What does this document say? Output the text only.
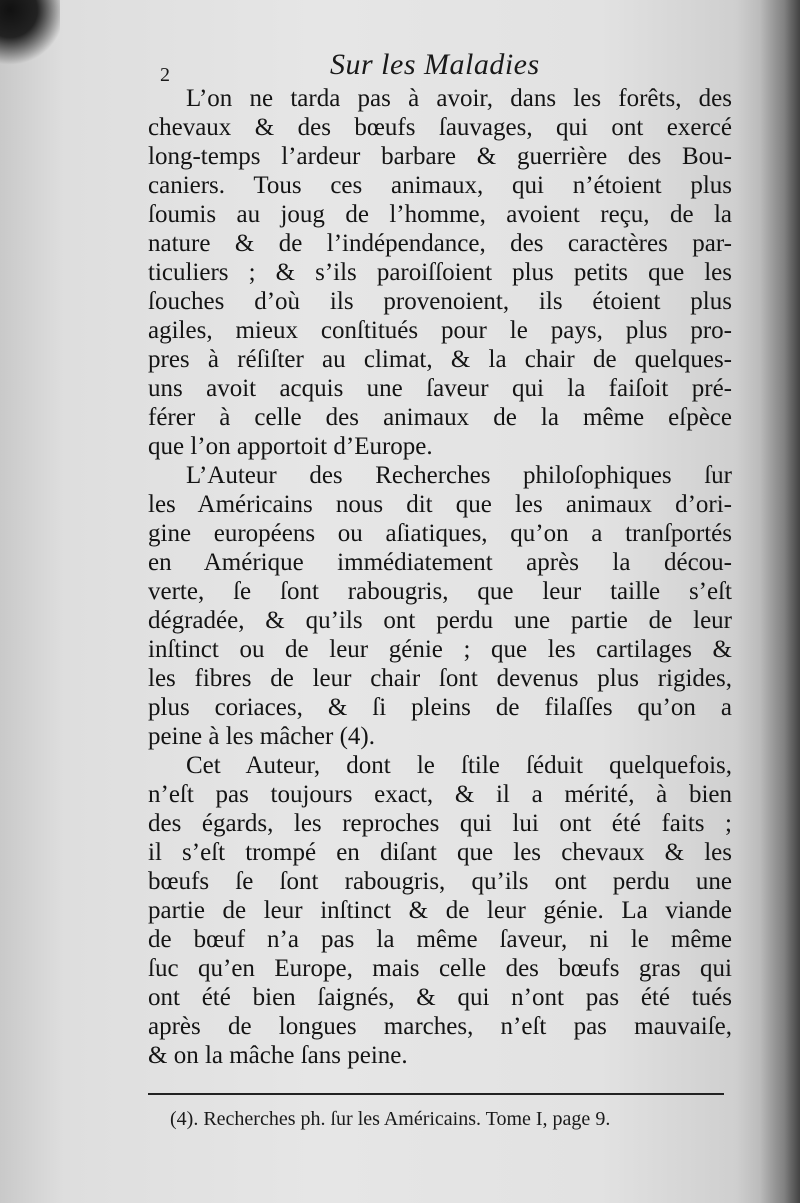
2	Sur les Maladies
L’on ne tarda pas à avoir, dans les forêts, des
chevaux & des bœufs ſauvages, qui ont exercé
long-temps l’ardeur barbare & guerrière des Bou-
caniers. Tous ces animaux, qui n’étoient plus
ſoumis au joug de l’homme, avoient reçu, de la
nature & de l’indépendance, des caractères par-
ticuliers ; & s’ils paroiſſoient plus petits que les
ſouches d’où ils provenoient, ils étoient plus
agiles, mieux conſtitués pour le pays, plus pro-
pres à réſiſter au climat, & la chair de quelques-
uns avoit acquis une ſaveur qui la faiſoit pré-
férer à celle des animaux de la même eſpèce
que l’on apportoit d’Europe.
L’Auteur des Recherches philoſophiques ſur
les Américains nous dit que les animaux d’ori-
gine européens ou aſiatiques, qu’on a tranſportés
en Amérique immédiatement après la décou-
verte, ſe ſont rabougris, que leur taille s’eſt
dégradée, & qu’ils ont perdu une partie de leur
inſtinct ou de leur génie ; que les cartilages &
les fibres de leur chair ſont devenus plus rigides,
plus coriaces, & ſi pleins de filaſſes qu’on a
peine à les mâcher (4).
Cet Auteur, dont le ſtile ſéduit quelquefois,
n’eſt pas toujours exact, & il a mérité, à bien
des égards, les reproches qui lui ont été faits ;
il s’eſt trompé en diſant que les chevaux & les
bœufs ſe ſont rabougris, qu’ils ont perdu une
partie de leur inſtinct & de leur génie. La viande
de bœuf n’a pas la même ſaveur, ni le même
ſuc qu’en Europe, mais celle des bœufs gras qui
ont été bien ſaignés, & qui n’ont pas été tués
après de longues marches, n’eſt pas mauvaiſe,
& on la mâche ſans peine.
(4). Recherches ph. ſur les Américains. Tome I, page 9.
